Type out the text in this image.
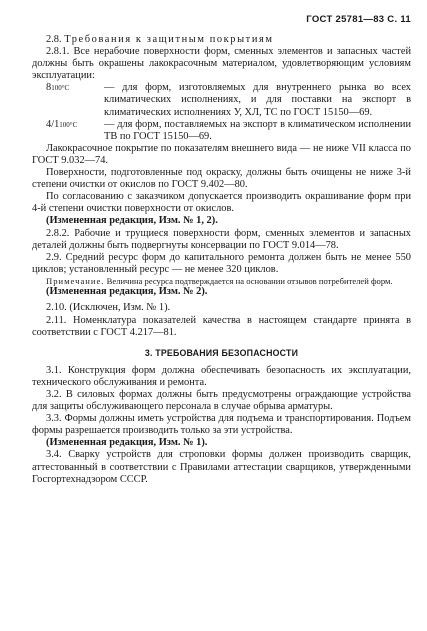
ГОСТ 25781—83 С. 11

2.8. Требования к защитным покрытиям

2.8.1. Все нерабочие поверхности форм, сменных элементов и запасных частей должны быть окрашены лакокрасочным материалом, удовлетворяющим условиям эксплуатации:

8100°С	— для форм, изготовляемых для внутреннего рынка во всех климатических исполнениях, и для поставки на экспорт в климатических исполнениях У, ХЛ, ТС по ГОСТ 15150—69.
4/1100°С	— для форм, поставляемых на экспорт в климатическом исполнении ТВ по ГОСТ 15150—69.

Лакокрасочное покрытие по показателям внешнего вида — не ниже VII класса по ГОСТ 9.032—74.

Поверхности, подготовленные под окраску, должны быть очищены не ниже 3-й степени очистки от окислов по ГОСТ 9.402—80.

По согласованию с заказчиком допускается производить окрашивание форм при 4-й степени очистки поверхности от окислов.

(Измененная редакция, Изм. № 1, 2).

2.8.2. Рабочие и трущиеся поверхности форм, сменных элементов и запасных деталей должны быть подвергнуты консервации по ГОСТ 9.014—78.

2.9. Средний ресурс форм до капитального ремонта должен быть не менее 550 циклов; установленный ресурс — не менее 320 циклов.

Примечание. Величина ресурса подтверждается на основании отзывов потребителей форм.

(Измененная редакция, Изм. № 2).

2.10. (Исключен, Изм. № 1).

2.11. Номенклатура показателей качества в настоящем стандарте принята в соответствии с ГОСТ 4.217—81.

3. ТРЕБОВАНИЯ БЕЗОПАСНОСТИ

3.1. Конструкция форм должна обеспечивать безопасность их эксплуатации, технического обслуживания и ремонта.

3.2. В силовых формах должны быть предусмотрены ограждающие устройства для защиты обслуживающего персонала в случае обрыва арматуры.

3.3. Формы должны иметь устройства для подъема и транспортирования. Подъем формы разрешается производить только за эти устройства.

(Измененная редакция, Изм. № 1).

3.4. Сварку устройств для строповки формы должен производить сварщик, аттестованный в соответствии с Правилами аттестации сварщиков, утвержденными Госгортехнадзором СССР.
